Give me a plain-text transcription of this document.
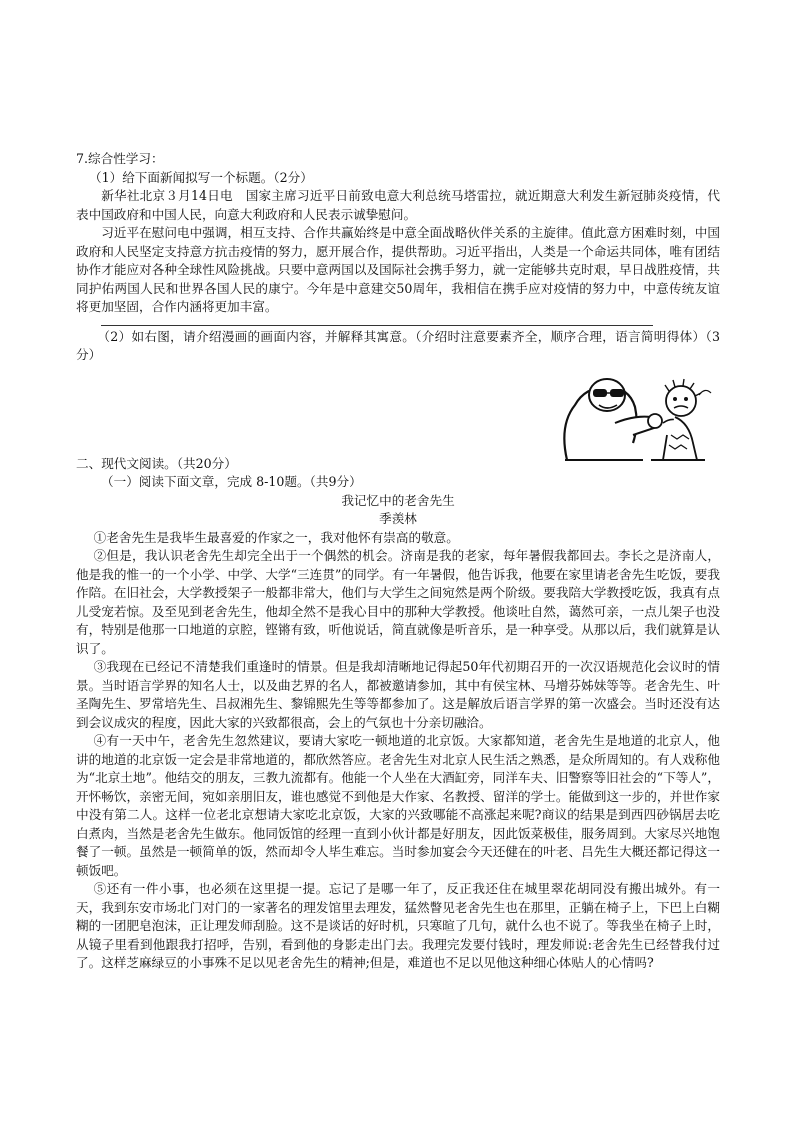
7.综合性学习：
（1）给下面新闻拟写一个标题。（2分）

新华社北京３月14日电　国家主席习近平日前致电意大利总统马塔雷拉，就近期意大利发生新冠肺炎疫情，代表中国政府和中国人民，向意大利政府和人民表示诚挚慰问。

习近平在慰问电中强调，相互支持、合作共赢始终是中意全面战略伙伴关系的主旋律。值此意方困难时刻，中国政府和人民坚定支持意方抗击疫情的努力，愿开展合作，提供帮助。习近平指出，人类是一个命运共同体，唯有团结协作才能应对各种全球性风险挑战。只要中意两国以及国际社会携手努力，就一定能够共克时艰，早日战胜疫情，共同护佑两国人民和世界各国人民的康宁。今年是中意建交50周年，我相信在携手应对疫情的努力中，中意传统友谊将更加坚固，合作内涵将更加丰富。

（2）如右图，请介绍漫画的画面内容，并解释其寓意。（介绍时注意要素齐全，顺序合理，语言简明得体）（3分）

二、现代文阅读。（共20分）
（一）阅读下面文章，完成 8-10题。（共9分）
我记忆中的老舍先生
季羡林

①老舍先生是我毕生最喜爱的作家之一，我对他怀有崇高的敬意。

②但是，我认识老舍先生却完全出于一个偶然的机会。济南是我的老家，每年暑假我都回去。李长之是济南人，他是我的惟一的一个小学、中学、大学“三连贯”的同学。有一年暑假，他告诉我，他要在家里请老舍先生吃饭，要我作陪。在旧社会，大学教授架子一般都非常大，他们与大学生之间宛然是两个阶级。要我陪大学教授吃饭，我真有点儿受宠若惊。及至见到老舍先生，他却全然不是我心目中的那种大学教授。他谈吐自然，蔼然可亲，一点儿架子也没有，特别是他那一口地道的京腔，铿锵有致，听他说话，简直就像是听音乐，是一种享受。从那以后，我们就算是认识了。

③我现在已经记不清楚我们重逢时的情景。但是我却清晰地记得起50年代初期召开的一次汉语规范化会议时的情景。当时语言学界的知名人士，以及曲艺界的名人，都被邀请参加，其中有侯宝林、马增芬姊妹等等。老舍先生、叶圣陶先生、罗常培先生、吕叔湘先生、黎锦熙先生等等都参加了。这是解放后语言学界的第一次盛会。当时还没有达到会议成灾的程度，因此大家的兴致都很高，会上的气氛也十分亲切融洽。

④有一天中午，老舍先生忽然建议，要请大家吃一顿地道的北京饭。大家都知道，老舍先生是地道的北京人，他讲的地道的北京饭一定会是非常地道的，都欣然答应。老舍先生对北京人民生活之熟悉，是众所周知的。有人戏称他为“北京土地”。他结交的朋友，三教九流都有。他能一个人坐在大酒缸旁，同洋车夫、旧警察等旧社会的“下等人”，开怀畅饮，亲密无间，宛如亲朋旧友，谁也感觉不到他是大作家、名教授、留洋的学士。能做到这一步的，并世作家中没有第二人。这样一位老北京想请大家吃北京饭，大家的兴致哪能不高涨起来呢?商议的结果是到西四砂锅居去吃白煮肉，当然是老舍先生做东。他同饭馆的经理一直到小伙计都是好朋友，因此饭菜极佳，服务周到。大家尽兴地饱餐了一顿。虽然是一顿简单的饭，然而却令人毕生难忘。当时参加宴会今天还健在的叶老、吕先生大概还都记得这一顿饭吧。

⑤还有一件小事，也必须在这里提一提。忘记了是哪一年了，反正我还住在城里翠花胡同没有搬出城外。有一天，我到东安市场北门对门的一家著名的理发馆里去理发，猛然瞥见老舍先生也在那里，正躺在椅子上，下巴上白糊糊的一团肥皂泡沫，正让理发师刮脸。这不是谈话的好时机，只寒暄了几句，就什么也不说了。等我坐在椅子上时，从镜子里看到他跟我打招呼，告别，看到他的身影走出门去。我理完发要付钱时，理发师说:老舍先生已经替我付过了。这样芝麻绿豆的小事殊不足以见老舍先生的精神;但是，难道也不足以见他这种细心体贴人的心情吗?
